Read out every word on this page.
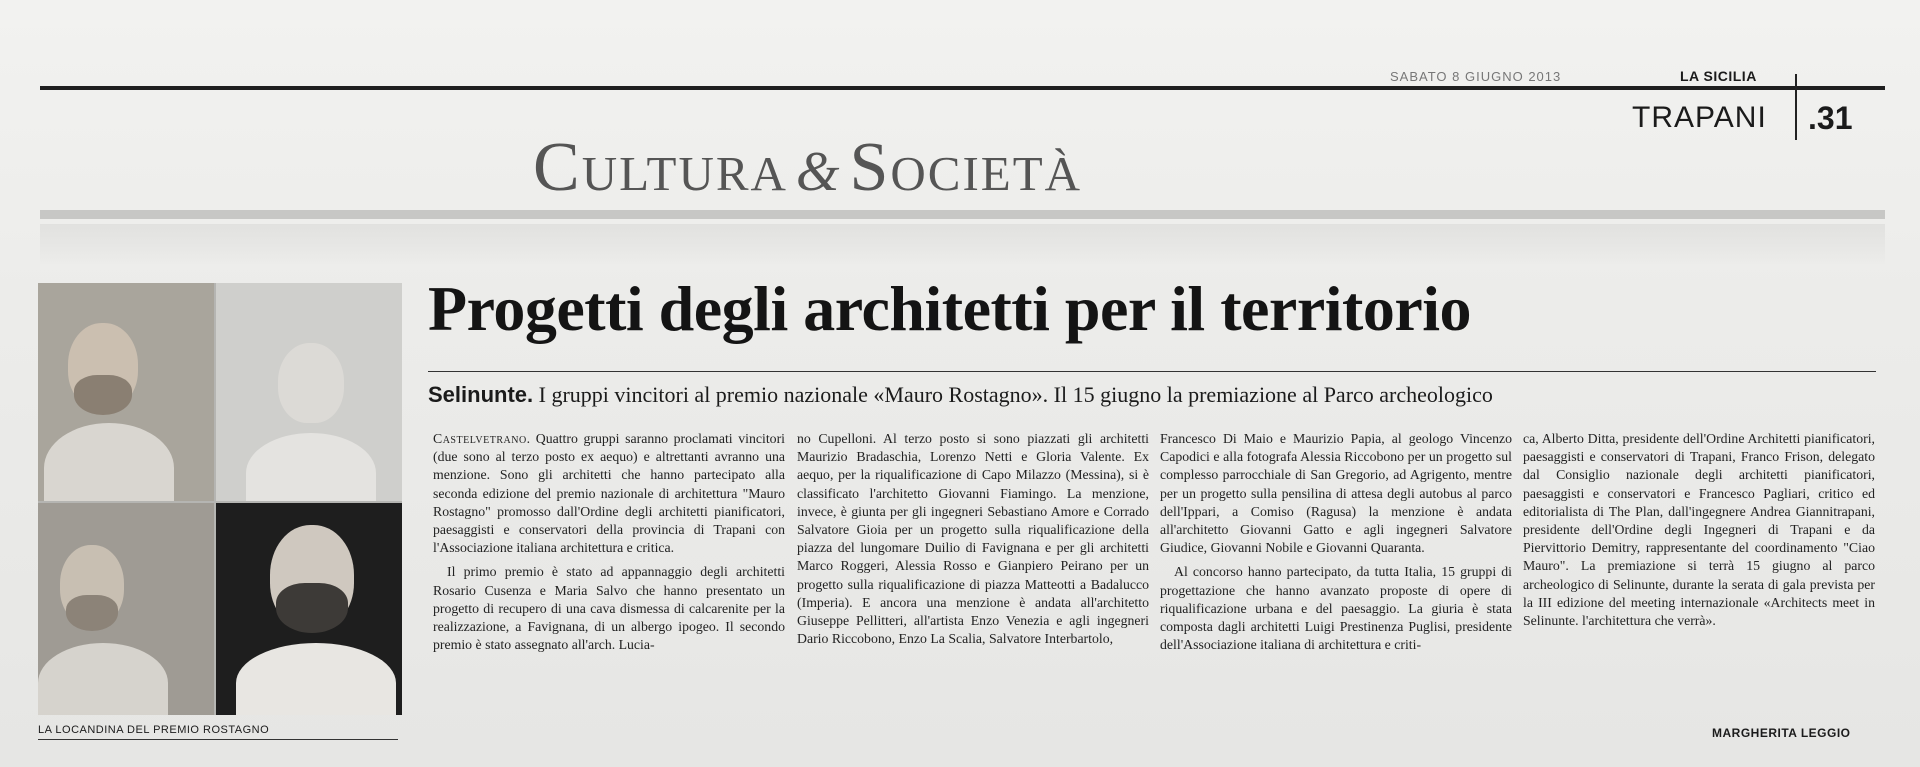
SABATO 8 GIUGNO 2013	LA SICILIA
TRAPANI .31
Cultura & Società
LA LOCANDINA DEL PREMIO ROSTAGNO
Progetti degli architetti per il territorio
Selinunte. I gruppi vincitori al premio nazionale «Mauro Rostagno». Il 15 giugno la premiazione al Parco archeologico

Castelvetrano. Quattro gruppi saranno proclamati vincitori (due sono al terzo posto ex aequo) e altrettanti avranno una menzione. Sono gli architetti che hanno partecipato alla seconda edizione del premio nazionale di architettura "Mauro Rostagno" promosso dall'Ordine degli architetti pianificatori, paesaggisti e conservatori della provincia di Trapani con l'Associazione italiana architettura e critica.

Il primo premio è stato ad appannaggio degli architetti Rosario Cusenza e Maria Salvo che hanno presentato un progetto di recupero di una cava dismessa di calcarenite per la realizzazione, a Favignana, di un albergo ipogeo. Il secondo premio è stato assegnato all'arch. Lucia-

no Cupelloni. Al terzo posto si sono piazzati gli architetti Maurizio Bradaschia, Lorenzo Netti e Gloria Valente. Ex aequo, per la riqualificazione di Capo Milazzo (Messina), si è classificato l'architetto Giovanni Fiamingo. La menzione, invece, è giunta per gli ingegneri Sebastiano Amore e Corrado Salvatore Gioia per un progetto sulla riqualificazione della piazza del lungomare Duilio di Favignana e per gli architetti Marco Roggeri, Alessia Rosso e Gianpiero Peirano per un progetto sulla riqualificazione di piazza Matteotti a Badalucco (Imperia). E ancora una menzione è andata all'architetto Giuseppe Pellitteri, all'artista Enzo Venezia e agli ingegneri Dario Riccobono, Enzo La Scalia, Salvatore Interbartolo,

Francesco Di Maio e Maurizio Papia, al geologo Vincenzo Capodici e alla fotografa Alessia Riccobono per un progetto sul complesso parrocchiale di San Gregorio, ad Agrigento, mentre per un progetto sulla pensilina di attesa degli autobus al parco dell'Ippari, a Comiso (Ragusa) la menzione è andata all'architetto Giovanni Gatto e agli ingegneri Salvatore Giudice, Giovanni Nobile e Giovanni Quaranta.

Al concorso hanno partecipato, da tutta Italia, 15 gruppi di progettazione che hanno avanzato proposte di opere di riqualificazione urbana e del paesaggio. La giuria è stata composta dagli architetti Luigi Prestinenza Puglisi, presidente dell'Associazione italiana di architettura e criti-

ca, Alberto Ditta, presidente dell'Ordine Architetti pianificatori, paesaggisti e conservatori di Trapani, Franco Frison, delegato dal Consiglio nazionale degli architetti pianificatori, paesaggisti e conservatori e Francesco Pagliari, critico ed editorialista di The Plan, dall'ingegnere Andrea Giannitrapani, presidente dell'Ordine degli Ingegneri di Trapani e da Piervittorio Demitry, rappresentante del coordinamento "Ciao Mauro". La premiazione si terrà 15 giugno al parco archeologico di Selinunte, durante la serata di gala prevista per la III edizione del meeting internazionale «Architects meet in Selinunte. l'architettura che verrà».

MARGHERITA LEGGIO
